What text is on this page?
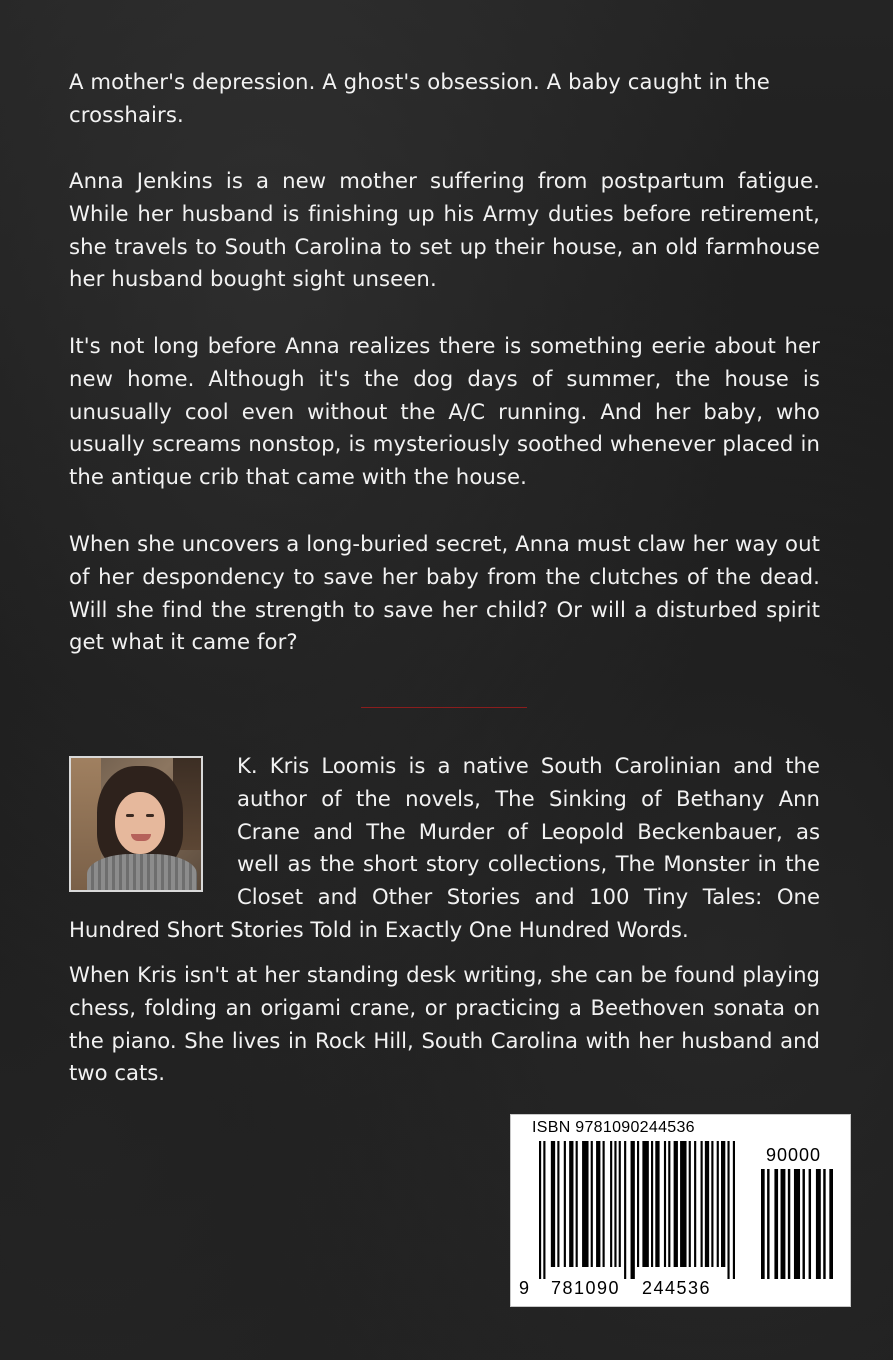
A mother's depression. A ghost's obsession. A baby caught in the crosshairs.

Anna Jenkins is a new mother suffering from postpartum fatigue. While her husband is finishing up his Army duties before retirement, she travels to South Carolina to set up their house, an old farmhouse her husband bought sight unseen.

It's not long before Anna realizes there is something eerie about her new home. Although it's the dog days of summer, the house is unusually cool even without the A/C running. And her baby, who usually screams nonstop, is mysteriously soothed whenever placed in the antique crib that came with the house.

When she uncovers a long-buried secret, Anna must claw her way out of her despondency to save her baby from the clutches of the dead. Will she find the strength to save her child? Or will a disturbed spirit get what it came for?

K. Kris Loomis is a native South Carolinian and the author of the novels, The Sinking of Bethany Ann Crane and The Murder of Leopold Beckenbauer, as well as the short story collections, The Monster in the Closet and Other Stories and 100 Tiny Tales: One Hundred Short Stories Told in Exactly One Hundred Words.

When Kris isn't at her standing desk writing, she can be found playing chess, folding an origami crane, or practicing a Beethoven sonata on the piano. She lives in Rock Hill, South Carolina with her husband and two cats.

ISBN 9781090244536
90000
9 781090 244536
